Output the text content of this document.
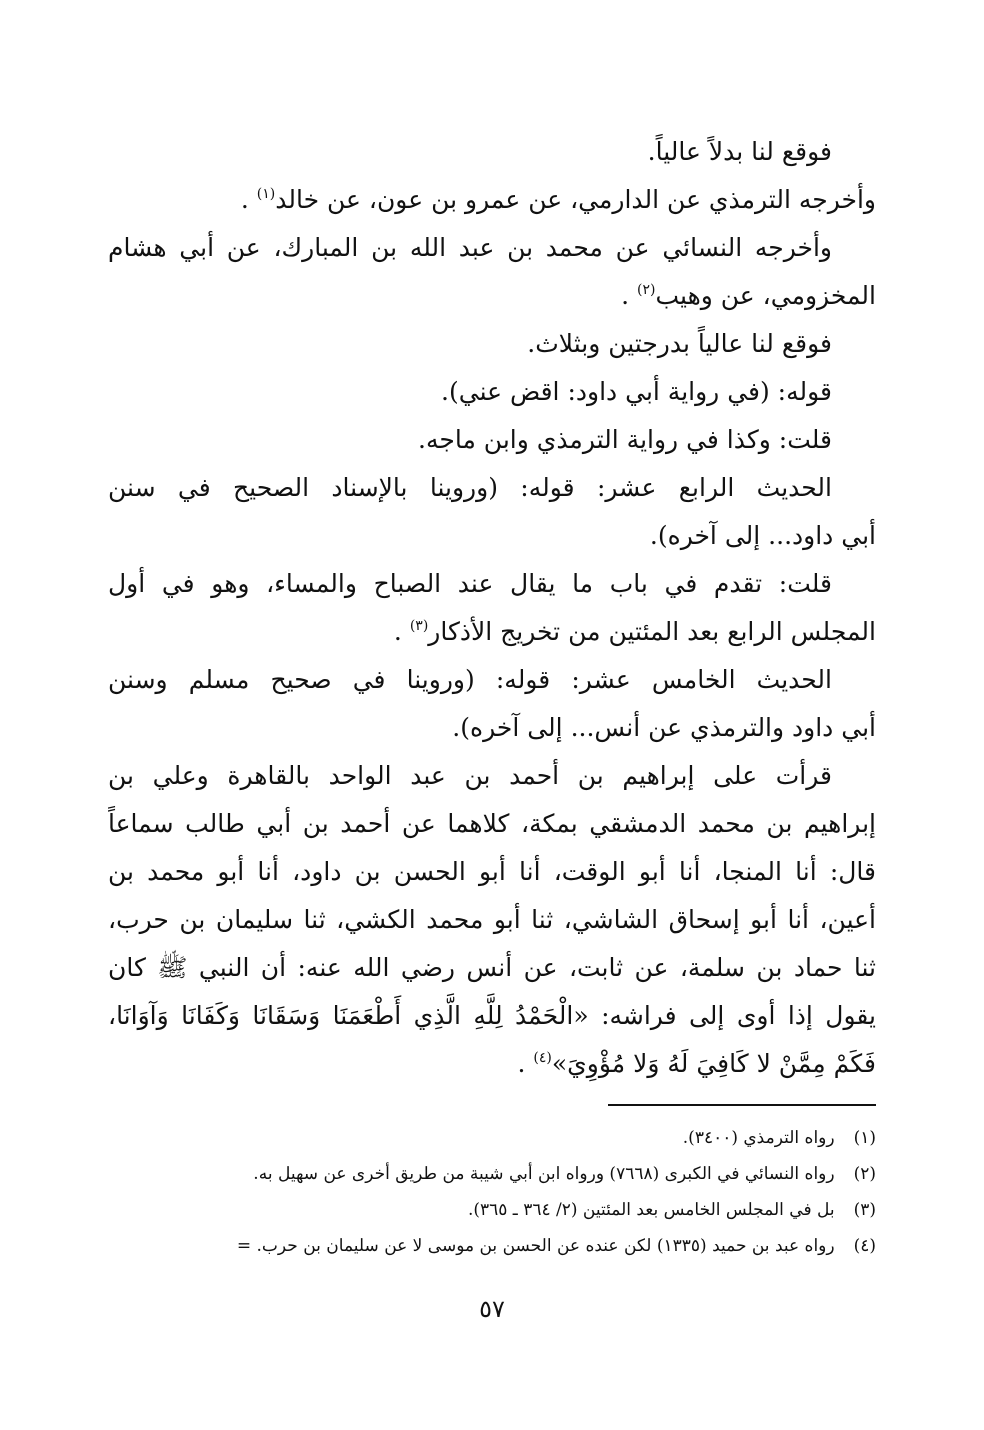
فوقع لنا بدلاً عالياً.
وأخرجه الترمذي عن الدارمي، عن عمرو بن عون، عن خالد$^{(١)}$ .
وأخرجه النسائي عن محمد بن عبد الله بن المبارك، عن أبي هشام
المخزومي، عن وهيب$^{(٢)}$ .
فوقع لنا عالياً بدرجتين وبثلاث.
قوله: (في رواية أبي داود: اقض عني).
قلت: وكذا في رواية الترمذي وابن ماجه.
الحديث الرابع عشر: قوله: (وروينا بالإسناد الصحيح في سنن
أبي داود... إلى آخره).
قلت: تقدم في باب ما يقال عند الصباح والمساء، وهو في أول
المجلس الرابع بعد المئتين من تخريج الأذكار$^{(٣)}$ .
الحديث الخامس عشر: قوله: (وروينا في صحيح مسلم وسنن
أبي داود والترمذي عن أنس... إلى آخره).
قرأت على إبراهيم بن أحمد بن عبد الواحد بالقاهرة وعلي بن
إبراهيم بن محمد الدمشقي بمكة، كلاهما عن أحمد بن أبي طالب سماعاً
قال: أنا المنجا، أنا أبو الوقت، أنا أبو الحسن بن داود، أنا أبو محمد بن
أعين، أنا أبو إسحاق الشاشي، ثنا أبو محمد الكشي، ثنا سليمان بن حرب،
ثنا حماد بن سلمة، عن ثابت، عن أنس رضي الله عنه: أن النبي ﷺ كان
يقول إذا أوى إلى فراشه: «الْحَمْدُ لِلَّهِ الَّذِي أَطْعَمَنَا وَسَقَانَا وَكَفَانَا وَآوَانَا،
فَكَمْ مِمَّنْ لا كَافِيَ لَهُ وَلا مُؤْوِيَ»$^{(٤)}$ .
(١) رواه الترمذي (٣٤٠٠).
(٢) رواه النسائي في الكبرى (٧٦٦٨) ورواه ابن أبي شيبة من طريق أخرى عن سهيل به.
(٣) بل في المجلس الخامس بعد المئتين (٢/ ٣٦٤ ـ ٣٦٥).
(٤) رواه عبد بن حميد (١٣٣٥) لكن عنده عن الحسن بن موسى لا عن سليمان بن حرب. =
٥٧
